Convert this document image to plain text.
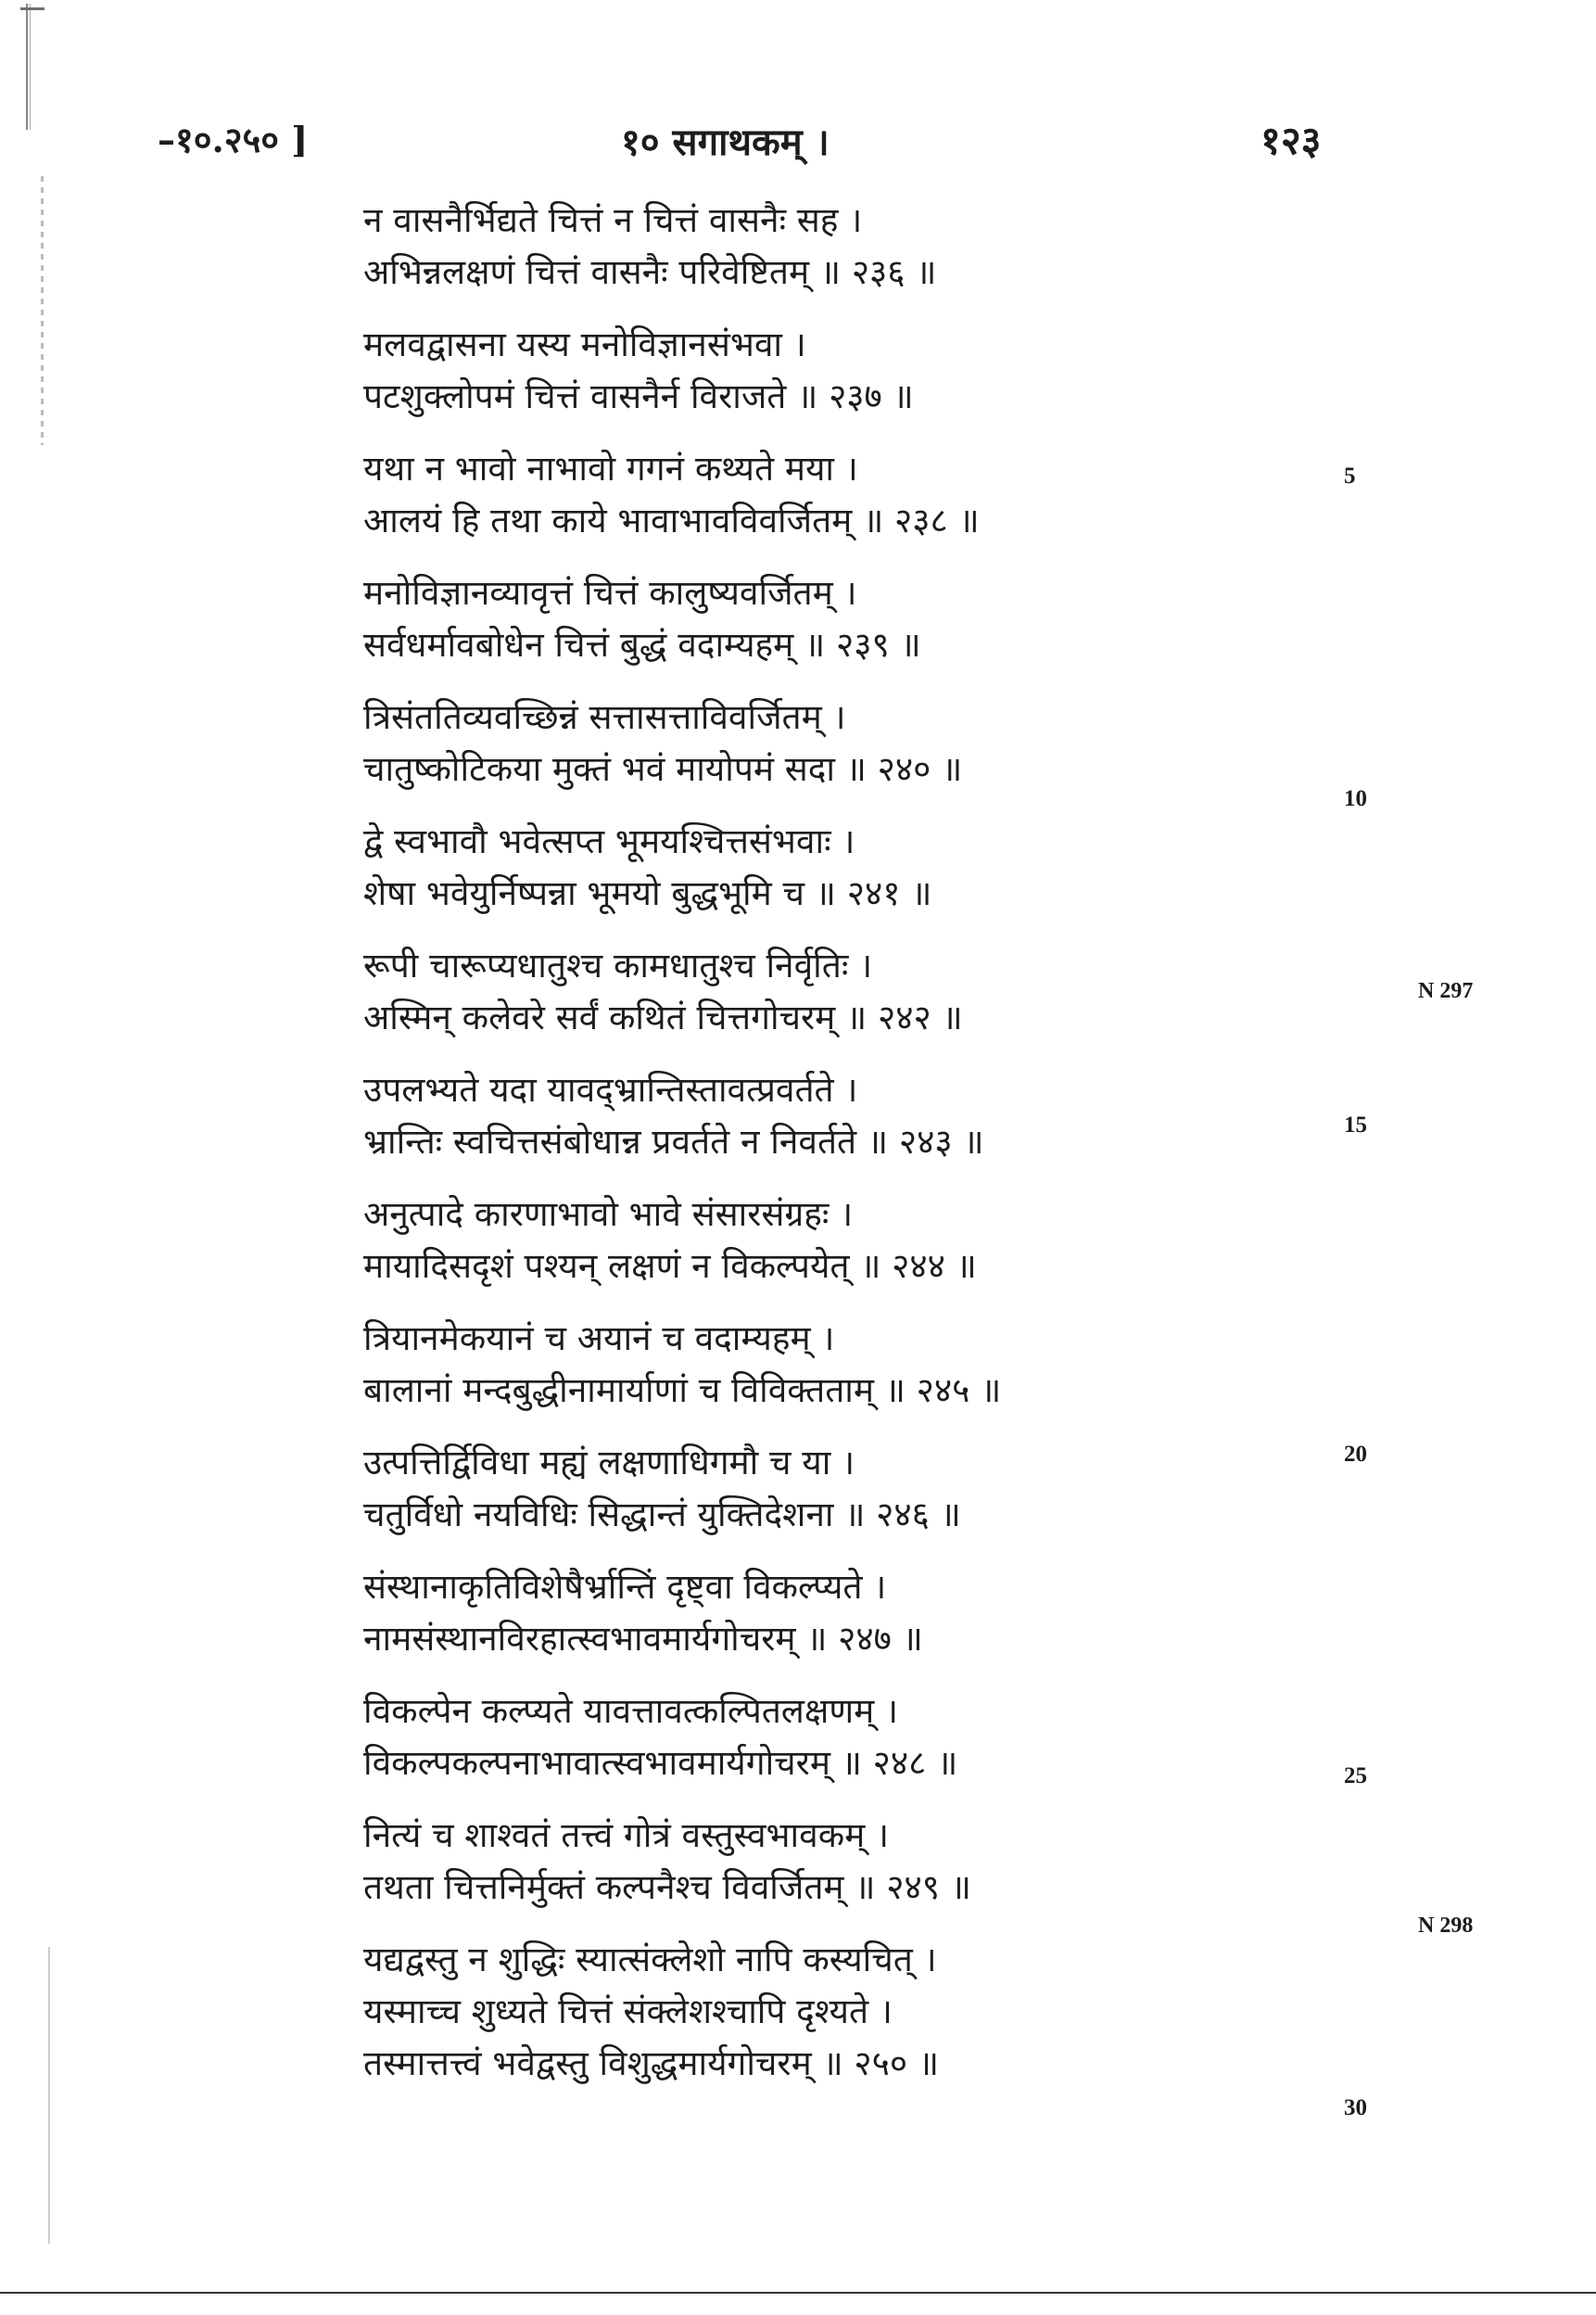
–१०.२५० ]	१० सगाथकम् ।	१२३
न वासनैर्भिद्यते चित्तं न चित्तं वासनैः सह ।
अभिन्नलक्षणं चित्तं वासनैः परिवेष्टितम् ॥ २३६ ॥
मलवद्वासना यस्य मनोविज्ञानसंभवा ।
पटशुक्लोपमं चित्तं वासनैर्न विराजते ॥ २३७ ॥
यथा न भावो नाभावो गगनं कथ्यते मया ।
आलयं हि तथा काये भावाभावविवर्जितम् ॥ २३८ ॥
मनोविज्ञानव्यावृत्तं चित्तं कालुष्यवर्जितम् ।
सर्वधर्मावबोधेन चित्तं बुद्धं वदाम्यहम् ॥ २३९ ॥
त्रिसंततिव्यवच्छिन्नं सत्तासत्ताविवर्जितम् ।
चातुष्कोटिकया मुक्तं भवं मायोपमं सदा ॥ २४० ॥
द्वे स्वभावौ भवेत्सप्त भूमयश्चित्तसंभवाः ।
शेषा भवेयुर्निष्पन्ना भूमयो बुद्धभूमि च ॥ २४१ ॥
रूपी चारूप्यधातुश्च कामधातुश्च निर्वृतिः ।
अस्मिन् कलेवरे सर्वं कथितं चित्तगोचरम् ॥ २४२ ॥
उपलभ्यते यदा यावद्भ्रान्तिस्तावत्प्रवर्तते ।
भ्रान्तिः स्वचित्तसंबोधान्न प्रवर्तते न निवर्तते ॥ २४३ ॥
अनुत्पादे कारणाभावो भावे संसारसंग्रहः ।
मायादिसदृशं पश्यन् लक्षणं न विकल्पयेत् ॥ २४४ ॥
त्रियानमेकयानं च अयानं च वदाम्यहम् ।
बालानां मन्दबुद्धीनामार्याणां च विविक्तताम् ॥ २४५ ॥
उत्पत्तिर्द्विविधा मह्यं लक्षणाधिगमौ च या ।
चतुर्विधो नयविधिः सिद्धान्तं युक्तिदेशना ॥ २४६ ॥
संस्थानाकृतिविशेषैर्भ्रान्तिं दृष्ट्वा विकल्प्यते ।
नामसंस्थानविरहात्स्वभावमार्यगोचरम् ॥ २४७ ॥
विकल्पेन कल्प्यते यावत्तावत्कल्पितलक्षणम् ।
विकल्पकल्पनाभावात्स्वभावमार्यगोचरम् ॥ २४८ ॥
नित्यं च शाश्वतं तत्त्वं गोत्रं वस्तुस्वभावकम् ।
तथता चित्तनिर्मुक्तं कल्पनैश्च विवर्जितम् ॥ २४९ ॥
यद्यद्वस्तु न शुद्धिः स्यात्संक्लेशो नापि कस्यचित् ।
यस्माच्च शुध्यते चित्तं संक्लेशश्चापि दृश्यते ।
तस्मात्तत्त्वं भवेद्वस्तु विशुद्धमार्यगोचरम् ॥ २५० ॥
5
10
15
20
25
30
N 297
N 298
